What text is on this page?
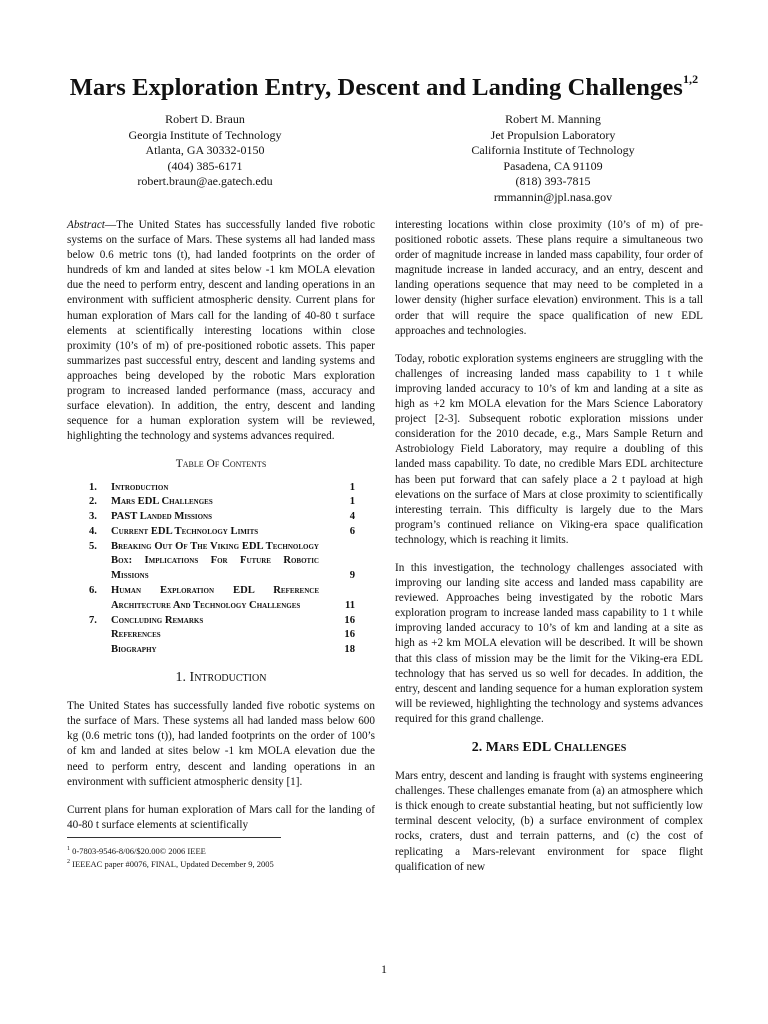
Mars Exploration Entry, Descent and Landing Challenges$^{1,2}$
Robert D. Braun
Georgia Institute of Technology
Atlanta, GA 30332-0150
(404) 385-6171
robert.braun@ae.gatech.edu
Robert M. Manning
Jet Propulsion Laboratory
California Institute of Technology
Pasadena, CA 91109
(818) 393-7815
rmmannin@jpl.nasa.gov

Abstract—The United States has successfully landed five robotic systems on the surface of Mars. These systems all had landed mass below 0.6 metric tons (t), had landed footprints on the order of hundreds of km and landed at sites below -1 km MOLA elevation due the need to perform entry, descent and landing operations in an environment with sufficient atmospheric density. Current plans for human exploration of Mars call for the landing of 40-80 t surface elements at scientifically interesting locations within close proximity (10’s of m) of pre-positioned robotic assets. This paper summarizes past successful entry, descent and landing systems and approaches being developed by the robotic Mars exploration program to increased landed performance (mass, accuracy and surface elevation). In addition, the entry, descent and landing sequence for a human exploration system will be reviewed, highlighting the technology and systems advances required.

Table Of Contents
1.	Introduction	1
2.	Mars EDL Challenges	1
3.	PAST Landed Missions	4
4.	Current EDL Technology Limits	6
5.	Breaking Out Of The Viking EDL Technology Box: Implications For Future Robotic Missions	9
6.	Human Exploration EDL Reference Architecture And Technology Challenges	11
7.	Concluding Remarks	16
	References	16
	Biography	18
1. Introduction

The United States has successfully landed five robotic systems on the surface of Mars. These systems all had landed mass below 600 kg (0.6 metric tons (t)), had landed footprints on the order of 100’s of km and landed at sites below -1 km MOLA elevation due the need to perform entry, descent and landing operations in an environment with sufficient atmospheric density [1].

Current plans for human exploration of Mars call for the landing of 40-80 t surface elements at scientifically

$^1$ 0-7803-9546-8/06/$20.00© 2006 IEEE
$^2$ IEEEAC paper #0076, FINAL, Updated December 9, 2005

interesting locations within close proximity (10’s of m) of pre-positioned robotic assets. These plans require a simultaneous two order of magnitude increase in landed mass capability, four order of magnitude increase in landed accuracy, and an entry, descent and landing operations sequence that may need to be completed in a lower density (higher surface elevation) environment. This is a tall order that will require the space qualification of new EDL approaches and technologies.

Today, robotic exploration systems engineers are struggling with the challenges of increasing landed mass capability to 1 t while improving landed accuracy to 10’s of km and landing at a site as high as +2 km MOLA elevation for the Mars Science Laboratory project [2-3]. Subsequent robotic exploration missions under consideration for the 2010 decade, e.g., Mars Sample Return and Astrobiology Field Laboratory, may require a doubling of this landed mass capability. To date, no credible Mars EDL architecture has been put forward that can safely place a 2 t payload at high elevations on the surface of Mars at close proximity to scientifically interesting terrain. This difficulty is largely due to the Mars program’s continued reliance on Viking-era space qualification technology, which is reaching it limits.

In this investigation, the technology challenges associated with improving our landing site access and landed mass capability are reviewed. Approaches being investigated by the robotic Mars exploration program to increase landed mass capability to 1 t while improving landed accuracy to 10’s of km and landing at a site as high as +2 km MOLA elevation will be described. It will be shown that this class of mission may be the limit for the Viking-era EDL technology that has served us so well for decades. In addition, the entry, descent and landing sequence for a human exploration system will be reviewed, highlighting the technology and systems advances required for this grand challenge.

2. Mars EDL Challenges

Mars entry, descent and landing is fraught with systems engineering challenges. These challenges emanate from (a) an atmosphere which is thick enough to create substantial heating, but not sufficiently low terminal descent velocity, (b) a surface environment of complex rocks, craters, dust and terrain patterns, and (c) the cost of replicating a Mars-relevant environment for space flight qualification of new

1
